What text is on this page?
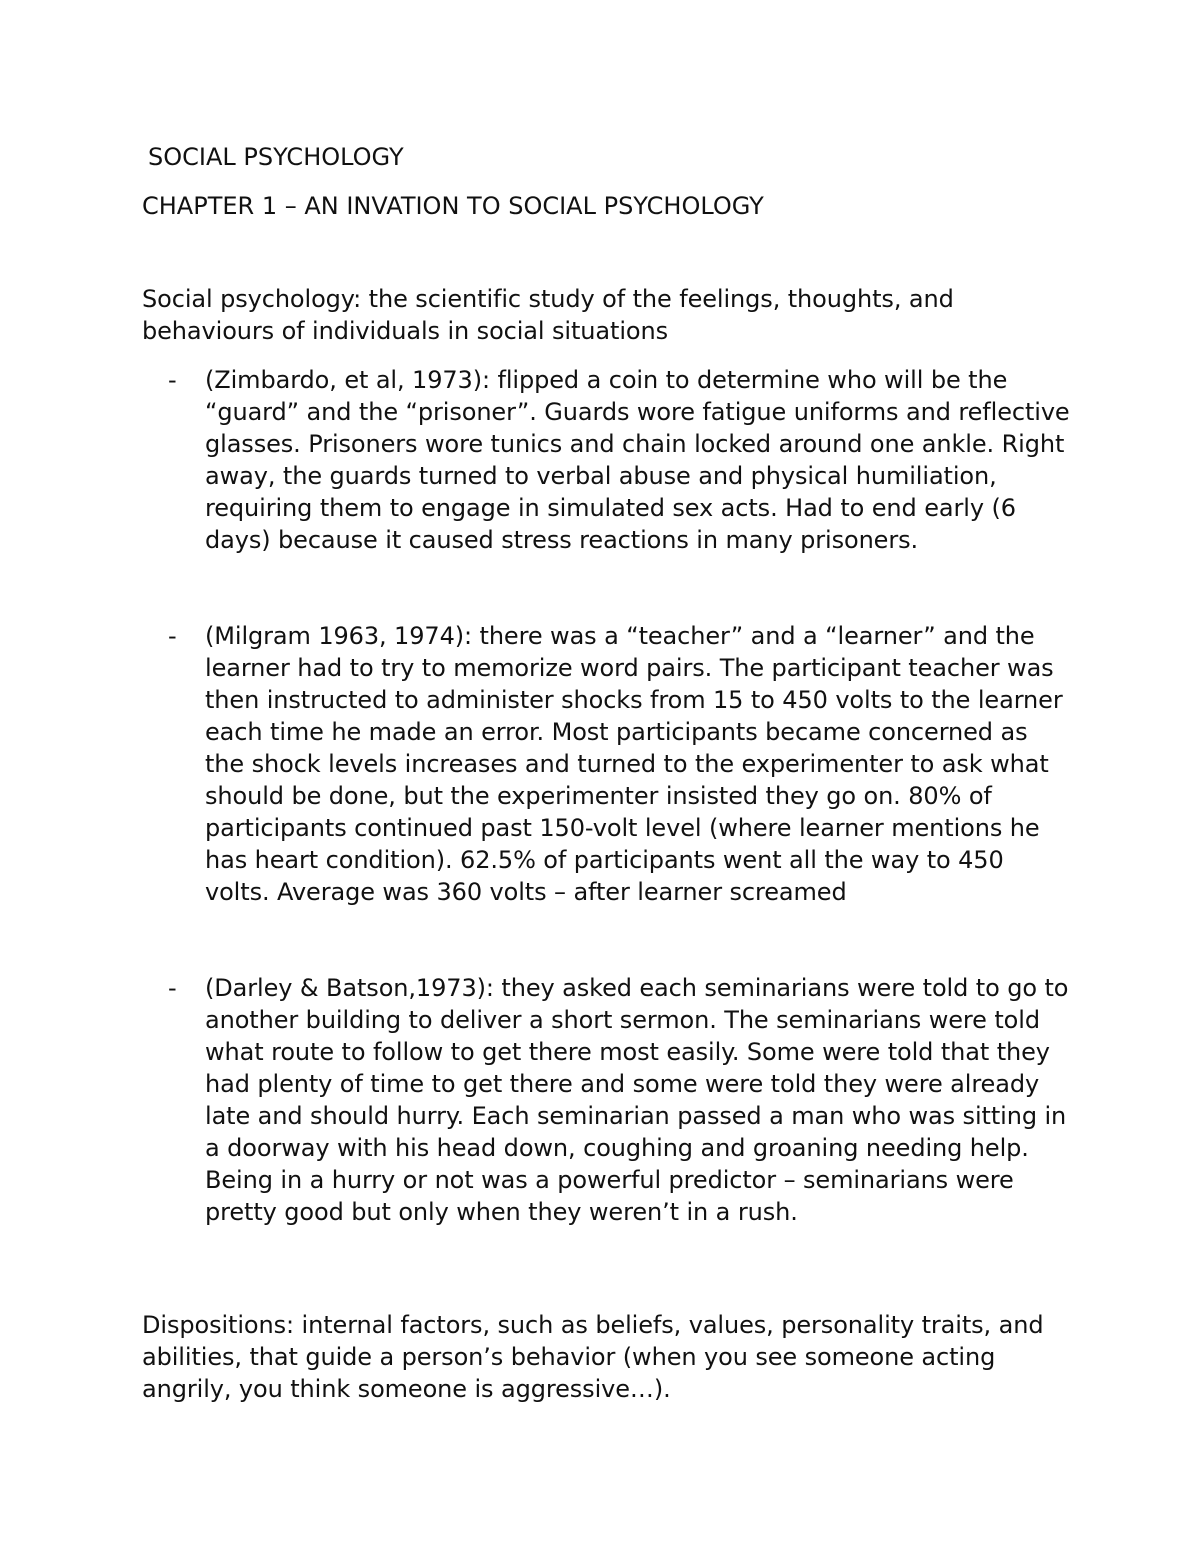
SOCIAL PSYCHOLOGY
CHAPTER 1 – AN INVATION TO SOCIAL PSYCHOLOGY

Social psychology: the scientific study of the feelings, thoughts, and behaviours of individuals in social situations

- (Zimbardo, et al, 1973): flipped a coin to determine who will be the “guard” and the “prisoner”. Guards wore fatigue uniforms and reflective glasses. Prisoners wore tunics and chain locked around one ankle. Right away, the guards turned to verbal abuse and physical humiliation, requiring them to engage in simulated sex acts. Had to end early (6 days) because it caused stress reactions in many prisoners.
- (Milgram 1963, 1974): there was a “teacher” and a “learner” and the learner had to try to memorize word pairs. The participant teacher was then instructed to administer shocks from 15 to 450 volts to the learner each time he made an error. Most participants became concerned as the shock levels increases and turned to the experimenter to ask what should be done, but the experimenter insisted they go on. 80% of participants continued past 150-volt level (where learner mentions he has heart condition). 62.5% of participants went all the way to 450 volts. Average was 360 volts – after learner screamed
- (Darley & Batson,1973): they asked each seminarians were told to go to another building to deliver a short sermon. The seminarians were told what route to follow to get there most easily. Some were told that they had plenty of time to get there and some were told they were already late and should hurry. Each seminarian passed a man who was sitting in a doorway with his head down, coughing and groaning needing help. Being in a hurry or not was a powerful predictor – seminarians were pretty good but only when they weren’t in a rush.

Dispositions: internal factors, such as beliefs, values, personality traits, and abilities, that guide a person’s behavior (when you see someone acting angrily, you think someone is aggressive…).
